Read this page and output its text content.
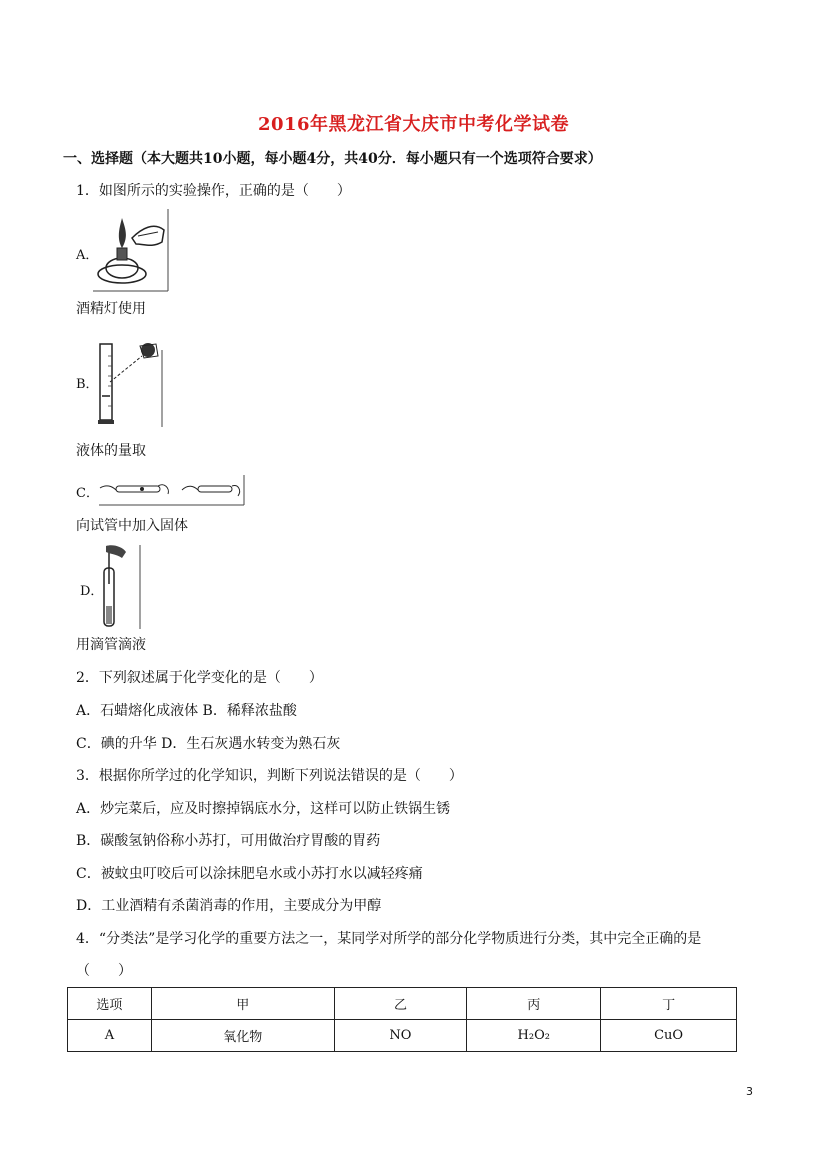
2016年黑龙江省大庆市中考化学试卷
一、选择题（本大题共10小题，每小题4分，共40分．每小题只有一个选项符合要求）
1．如图所示的实验操作，正确的是（　　）
A．
酒精灯使用
B．
液体的量取
C．
向试管中加入固体
D．
用滴管滴液
2．下列叙述属于化学变化的是（　　）
A．石蜡熔化成液体 B．稀释浓盐酸
C．碘的升华 D．生石灰遇水转变为熟石灰
3．根据你所学过的化学知识，判断下列说法错误的是（　　）
A．炒完菜后，应及时擦掉锅底水分，这样可以防止铁锅生锈
B．碳酸氢钠俗称小苏打，可用做治疗胃酸的胃药
C．被蚊虫叮咬后可以涂抹肥皂水或小苏打水以减轻疼痛
D．工业酒精有杀菌消毒的作用，主要成分为甲醇
4．“分类法”是学习化学的重要方法之一，某同学对所学的部分化学物质进行分类，其中完全正确的是
（　　）
选项	甲	乙	丙	丁
A	氧化物	NO	H₂O₂	CuO
3
